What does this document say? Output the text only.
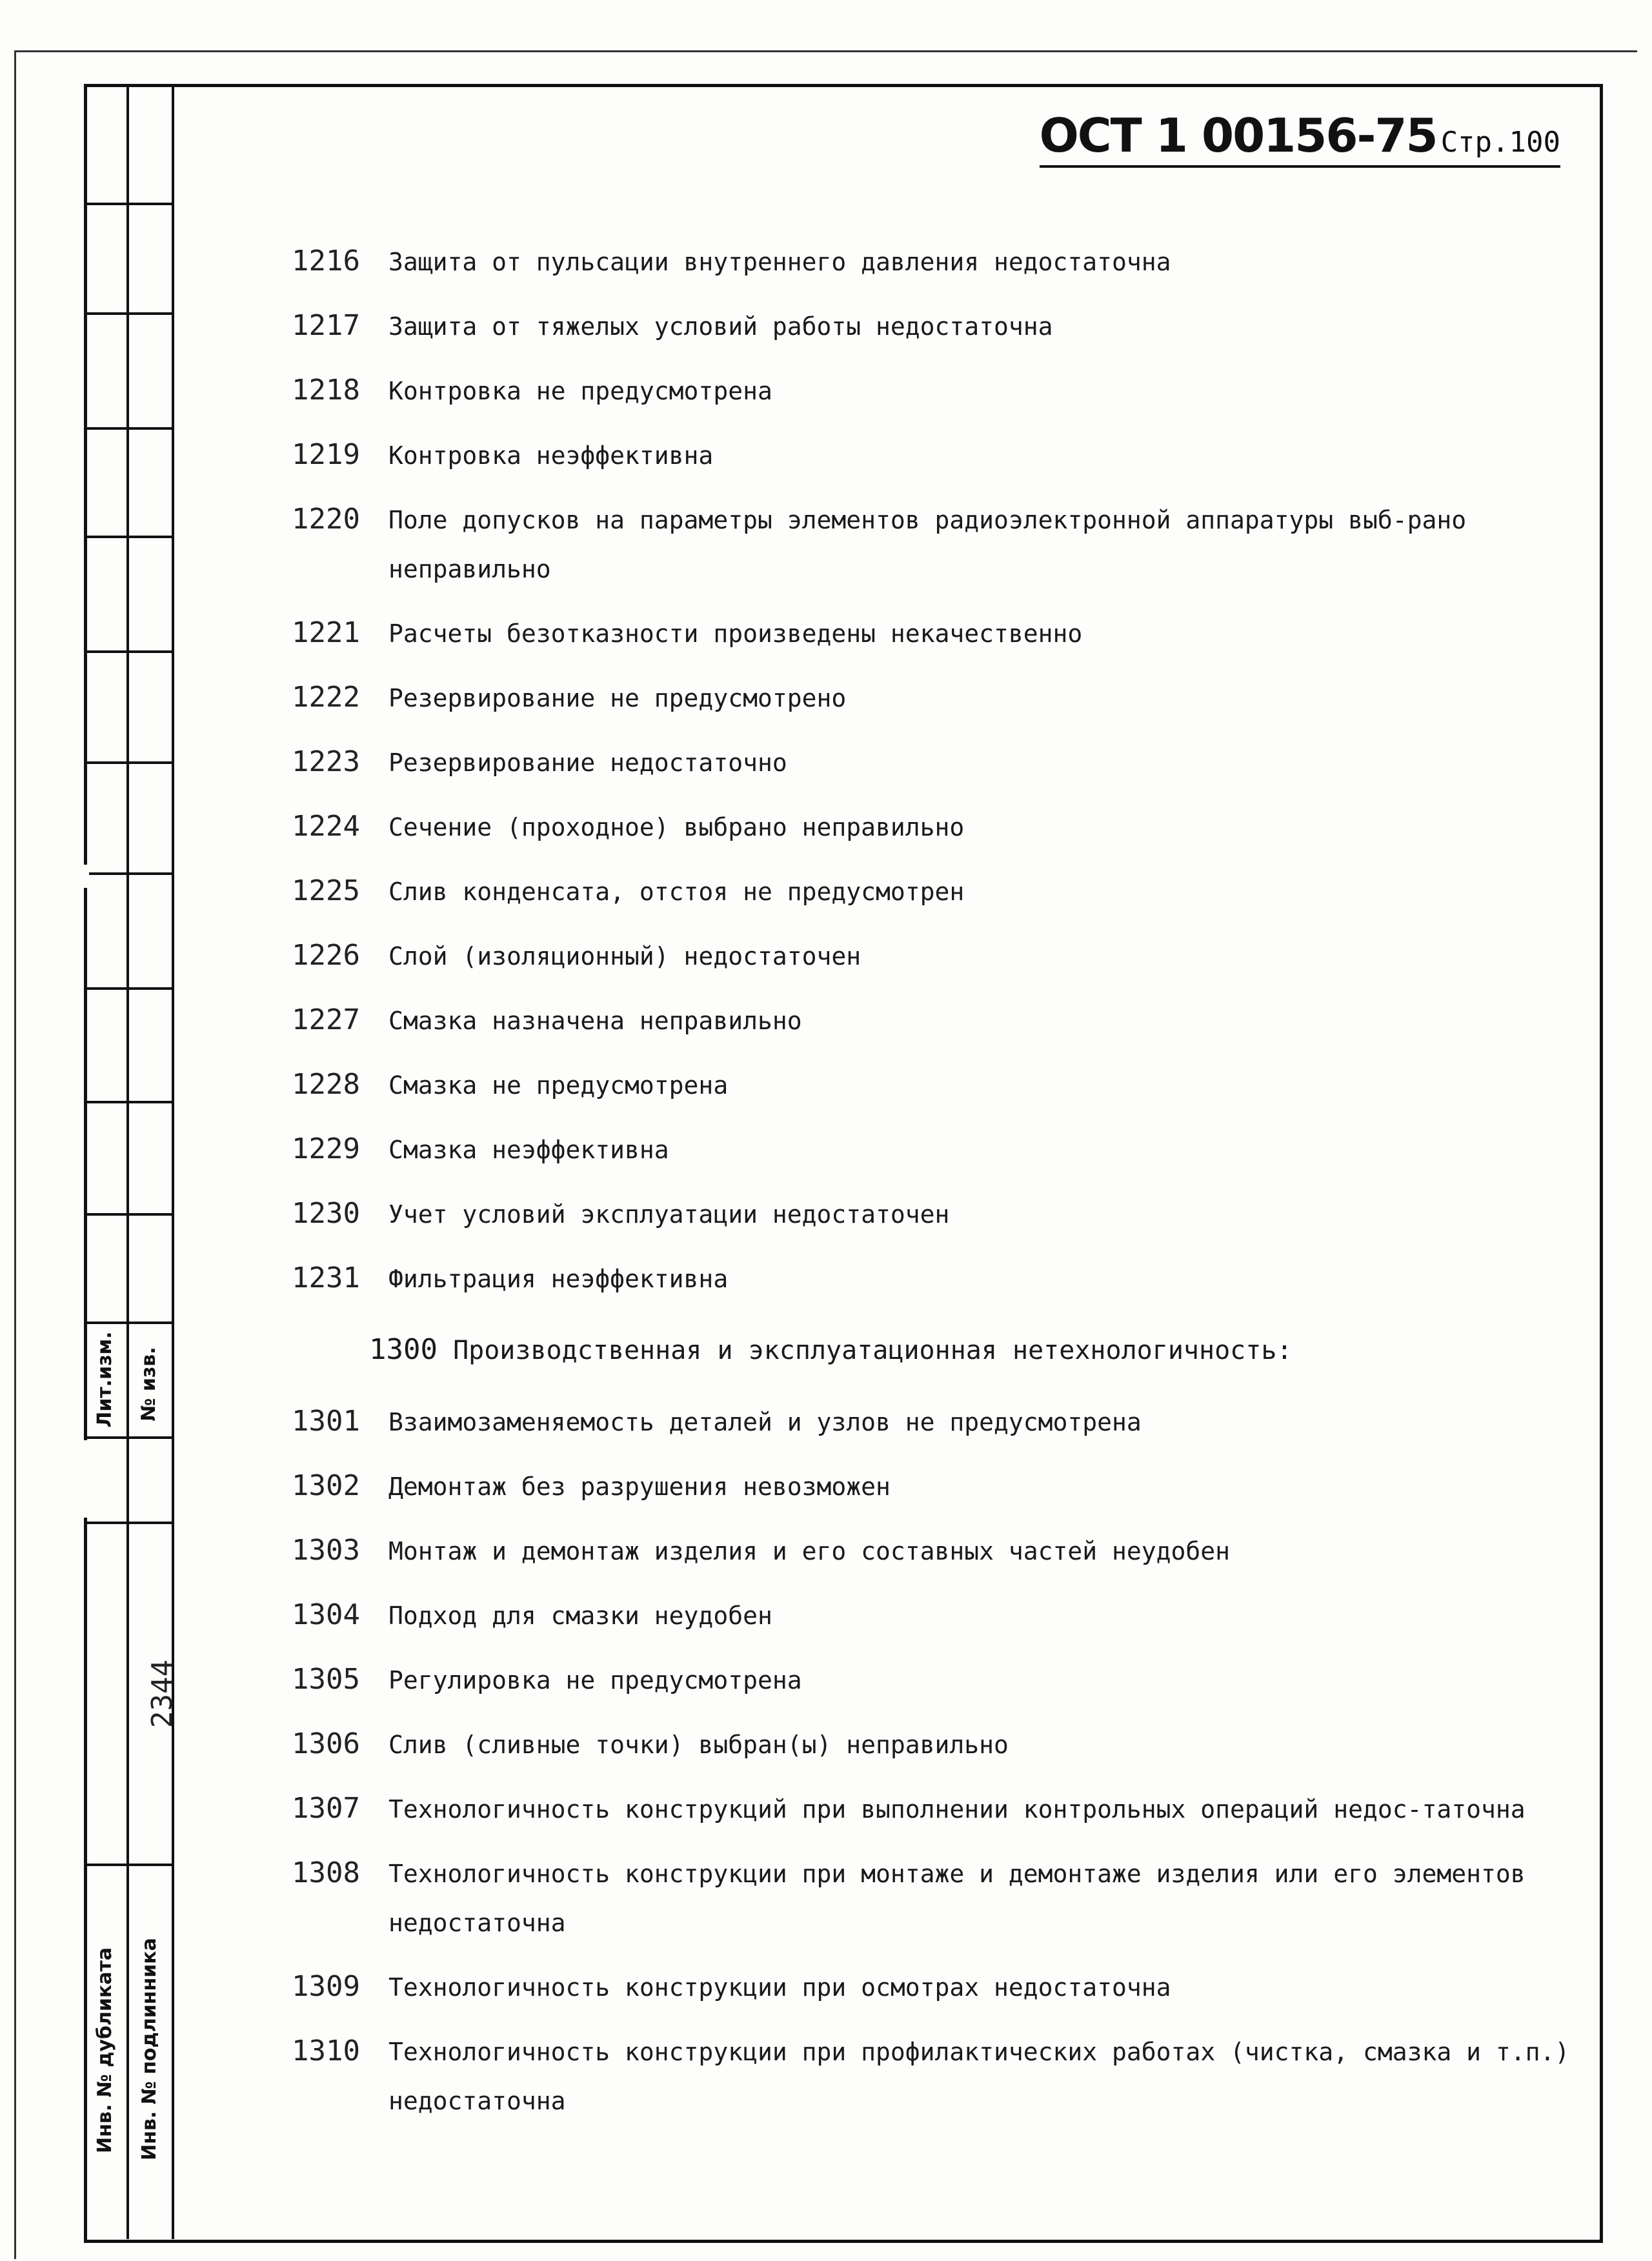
Лит.изм. № изв.
Инв. № дубликата Инв. № подлинника
2344
ОСТ 1 00156-75 Стр.100
1216	Защита от пульсации внутреннего давления недостаточна
1217	Защита от тяжелых условий работы недостаточна
1218	Контровка не предусмотрена
1219	Контровка неэффективна
1220	Поле допусков на параметры элементов радиоэлектронной аппаратуры выб-рано неправильно
1221	Расчеты безотказности произведены некачественно
1222	Резервирование не предусмотрено
1223	Резервирование недостаточно
1224	Сечение (проходное) выбрано неправильно
1225	Слив конденсата, отстоя не предусмотрен
1226	Слой (изоляционный) недостаточен
1227	Смазка назначена неправильно
1228	Смазка не предусмотрена
1229	Смазка неэффективна
1230	Учет условий эксплуатации недостаточен
1231	Фильтрация неэффективна
1300 Производственная и эксплуатационная нетехнологичность:
1301	Взаимозаменяемость деталей и узлов не предусмотрена
1302	Демонтаж без разрушения невозможен
1303	Монтаж и демонтаж изделия и его составных частей неудобен
1304	Подход для смазки неудобен
1305	Регулировка не предусмотрена
1306	Слив (сливные точки) выбран(ы) неправильно
1307	Технологичность конструкций при выполнении контрольных операций недос-таточна
1308	Технологичность конструкции при монтаже и демонтаже изделия или его элементов недостаточна
1309	Технологичность конструкции при осмотрах недостаточна
1310	Технологичность конструкции при профилактических работах (чистка, смазка и т.п.) недостаточна
